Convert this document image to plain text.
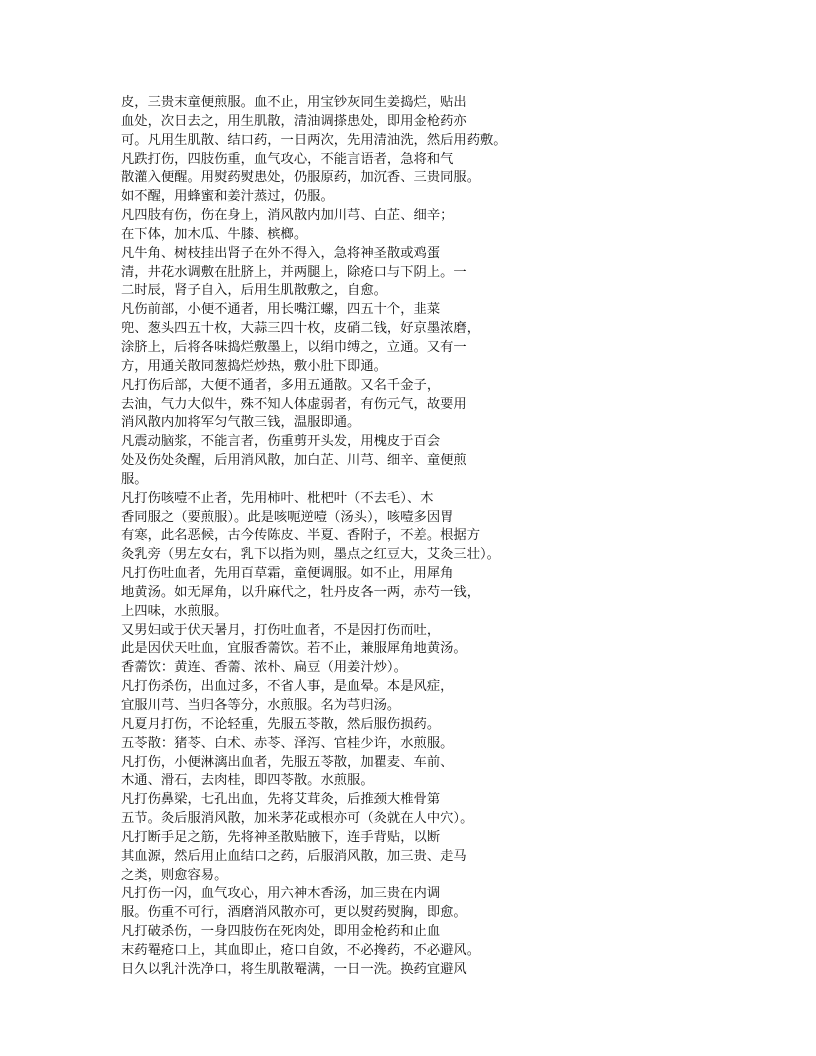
皮，三贵末童便煎服。血不止，用宝钞灰同生姜捣烂，贴出
血处，次日去之，用生肌散，清油调搽患处，即用金枪药亦
可。凡用生肌散、结口药，一日两次，先用清油洗，然后用药敷。
凡跌打伤，四肢伤重，血气攻心，不能言语者，急将和气
散灌入便醒。用熨药熨患处，仍服原药，加沉香、三贵同服。
如不醒，用蜂蜜和姜汁蒸过，仍服。
凡四肢有伤，伤在身上，消风散内加川芎、白芷、细辛；
在下体，加木瓜、牛膝、槟榔。
凡牛角、树枝挂出肾子在外不得入，急将神圣散或鸡蛋
清，井花水调敷在肚脐上，并两腿上，除疮口与下阴上。一
二时辰，肾子自入，后用生肌散敷之，自愈。
凡伤前部，小便不通者，用长嘴江螺，四五十个，韭菜
兜、葱头四五十枚，大蒜三四十枚，皮硝二钱，好京墨浓磨，
涂脐上，后将各味捣烂敷墨上，以绢巾缚之，立通。又有一
方，用通关散同葱捣烂炒热，敷小肚下即通。
凡打伤后部，大便不通者，多用五通散。又名千金子，
去油，气力大似牛，殊不知人体虚弱者，有伤元气，故要用
消风散内加将军匀气散三钱，温服即通。
凡震动脑浆，不能言者，伤重剪开头发，用槐皮于百会
处及伤处灸醒，后用消风散，加白芷、川芎、细辛、童便煎
服。
凡打伤咳噎不止者，先用柿叶、枇杷叶（不去毛）、木
香同服之（要煎服）。此是咳呃逆噎（汤头），咳噎多因胃
有寒，此名恶候，古今传陈皮、半夏、香附子，不差。根据方
灸乳旁（男左女右，乳下以指为则，墨点之红豆大，艾灸三壮）。
凡打伤吐血者，先用百草霜，童便调服。如不止，用犀角
地黄汤。如无犀角，以升麻代之，牡丹皮各一两，赤芍一钱，
上四味，水煎服。
又男妇或于伏天暑月，打伤吐血者，不是因打伤而吐，
此是因伏天吐血，宜服香薷饮。若不止，兼服犀角地黄汤。
香薷饮：黄连、香薷、浓朴、扁豆（用姜汁炒）。
凡打伤杀伤，出血过多，不省人事，是血晕。本是风症，
宜服川芎、当归各等分，水煎服。名为芎归汤。
凡夏月打伤，不论轻重，先服五苓散，然后服伤损药。
五苓散：猪苓、白术、赤苓、泽泻、官桂少许，水煎服。
凡打伤，小便淋漓出血者，先服五苓散，加瞿麦、车前、
木通、滑石，去肉桂，即四苓散。水煎服。
凡打伤鼻梁，七孔出血，先将艾茸灸，后推颈大椎骨第
五节。灸后服消风散，加米茅花或根亦可（灸就在人中穴）。
凡打断手足之筋，先将神圣散贴腋下，连手背贴，以断
其血源，然后用止血结口之药，后服消风散，加三贵、走马
之类，则愈容易。
凡打伤一闪，血气攻心，用六神木香汤，加三贵在内调
服。伤重不可行，酒磨消风散亦可，更以熨药熨胸，即愈。
凡打破杀伤，一身四肢伤在死肉处，即用金枪药和止血
末药罨疮口上，其血即止，疮口自敛，不必搀药，不必避风。
日久以乳汁洗净口，将生肌散罨满，一日一洗。换药宜避风
